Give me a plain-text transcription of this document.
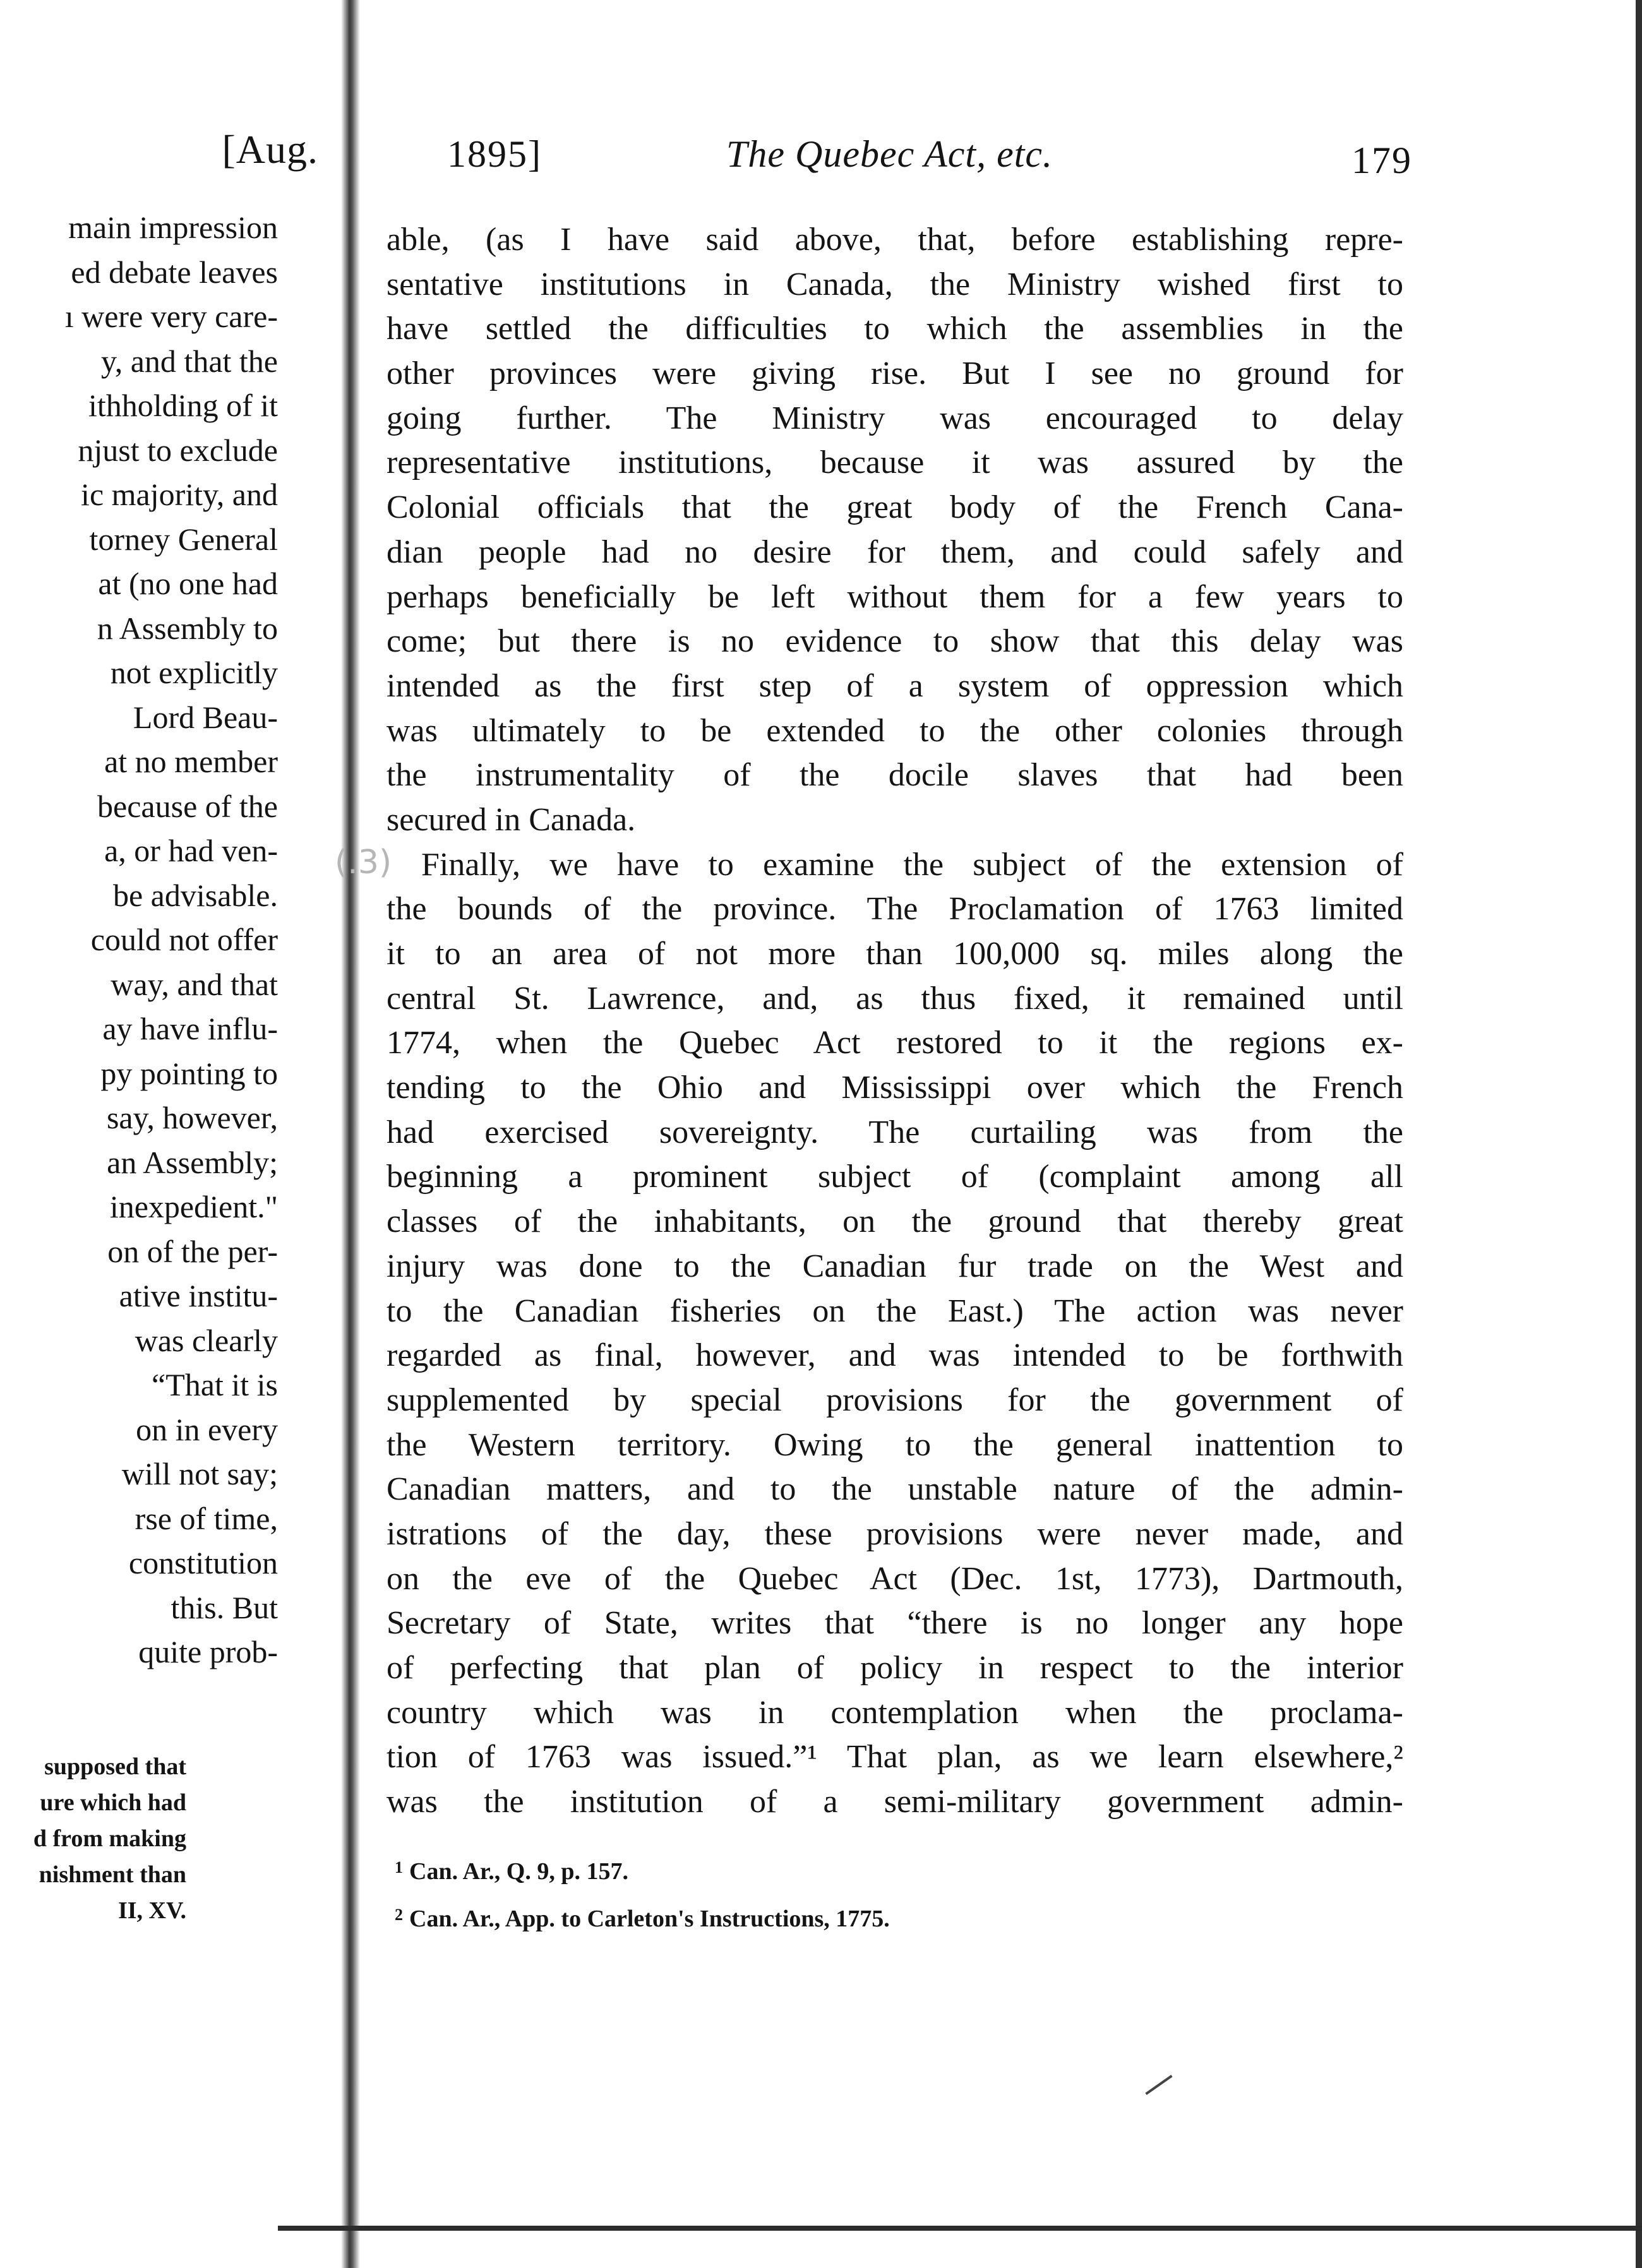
[Aug.
main impression
ed debate leaves
ı were very care-
y, and that the
ithholding of it
njust to exclude
ic majority, and
torney General
at (no one had
n Assembly to
not explicitly
Lord Beau-
at no member
because of the
a, or had ven-
be advisable.
could not offer
way, and that
ay have influ-
py pointing to
say, however,
an Assembly;
inexpedient."
on of the per-
ative institu-
was clearly
“That it is
on in every
will not say;
rse of time,
constitution
this. But
quite prob-
supposed that
ure which had
d from making
nishment than
II, XV.
1895]	The Quebec Act, etc.	179
able, (as I have said above, that, before establishing repre-
sentative institutions in Canada, the Ministry wished first to
have settled the difficulties to which the assemblies in the
other provinces were giving rise. But I see no ground for
going further. The Ministry was encouraged to delay
representative institutions, because it was assured by the
Colonial officials that the great body of the French Cana-
dian people had no desire for them, and could safely and
perhaps beneficially be left without them for a few years to
come; but there is no evidence to show that this delay was
intended as the first step of a system of oppression which
was ultimately to be extended to the other colonies through
the instrumentality of the docile slaves that had been
secured in Canada.
Finally, we have to examine the subject of the extension of
the bounds of the province. The Proclamation of 1763 limited
it to an area of not more than 100,000 sq. miles along the
central St. Lawrence, and, as thus fixed, it remained until
1774, when the Quebec Act restored to it the regions ex-
tending to the Ohio and Mississippi over which the French
had exercised sovereignty. The curtailing was from the
beginning a prominent subject of (complaint among all
classes of the inhabitants, on the ground that thereby great
injury was done to the Canadian fur trade on the West and
to the Canadian fisheries on the East.) The action was never
regarded as final, however, and was intended to be forthwith
supplemented by special provisions for the government of
the Western territory. Owing to the general inattention to
Canadian matters, and to the unstable nature of the admin-
istrations of the day, these provisions were never made, and
on the eve of the Quebec Act (Dec. 1st, 1773), Dartmouth,
Secretary of State, writes that “there is no longer any hope
of perfecting that plan of policy in respect to the interior
country which was in contemplation when the proclama-
tion of 1763 was issued.”¹ That plan, as we learn elsewhere,²
was the institution of a semi-military government admin-
$^1$ Can. Ar., Q. 9, p. 157.
$^2$ Can. Ar., App. to Carleton's Instructions, 1775.
(.3)
